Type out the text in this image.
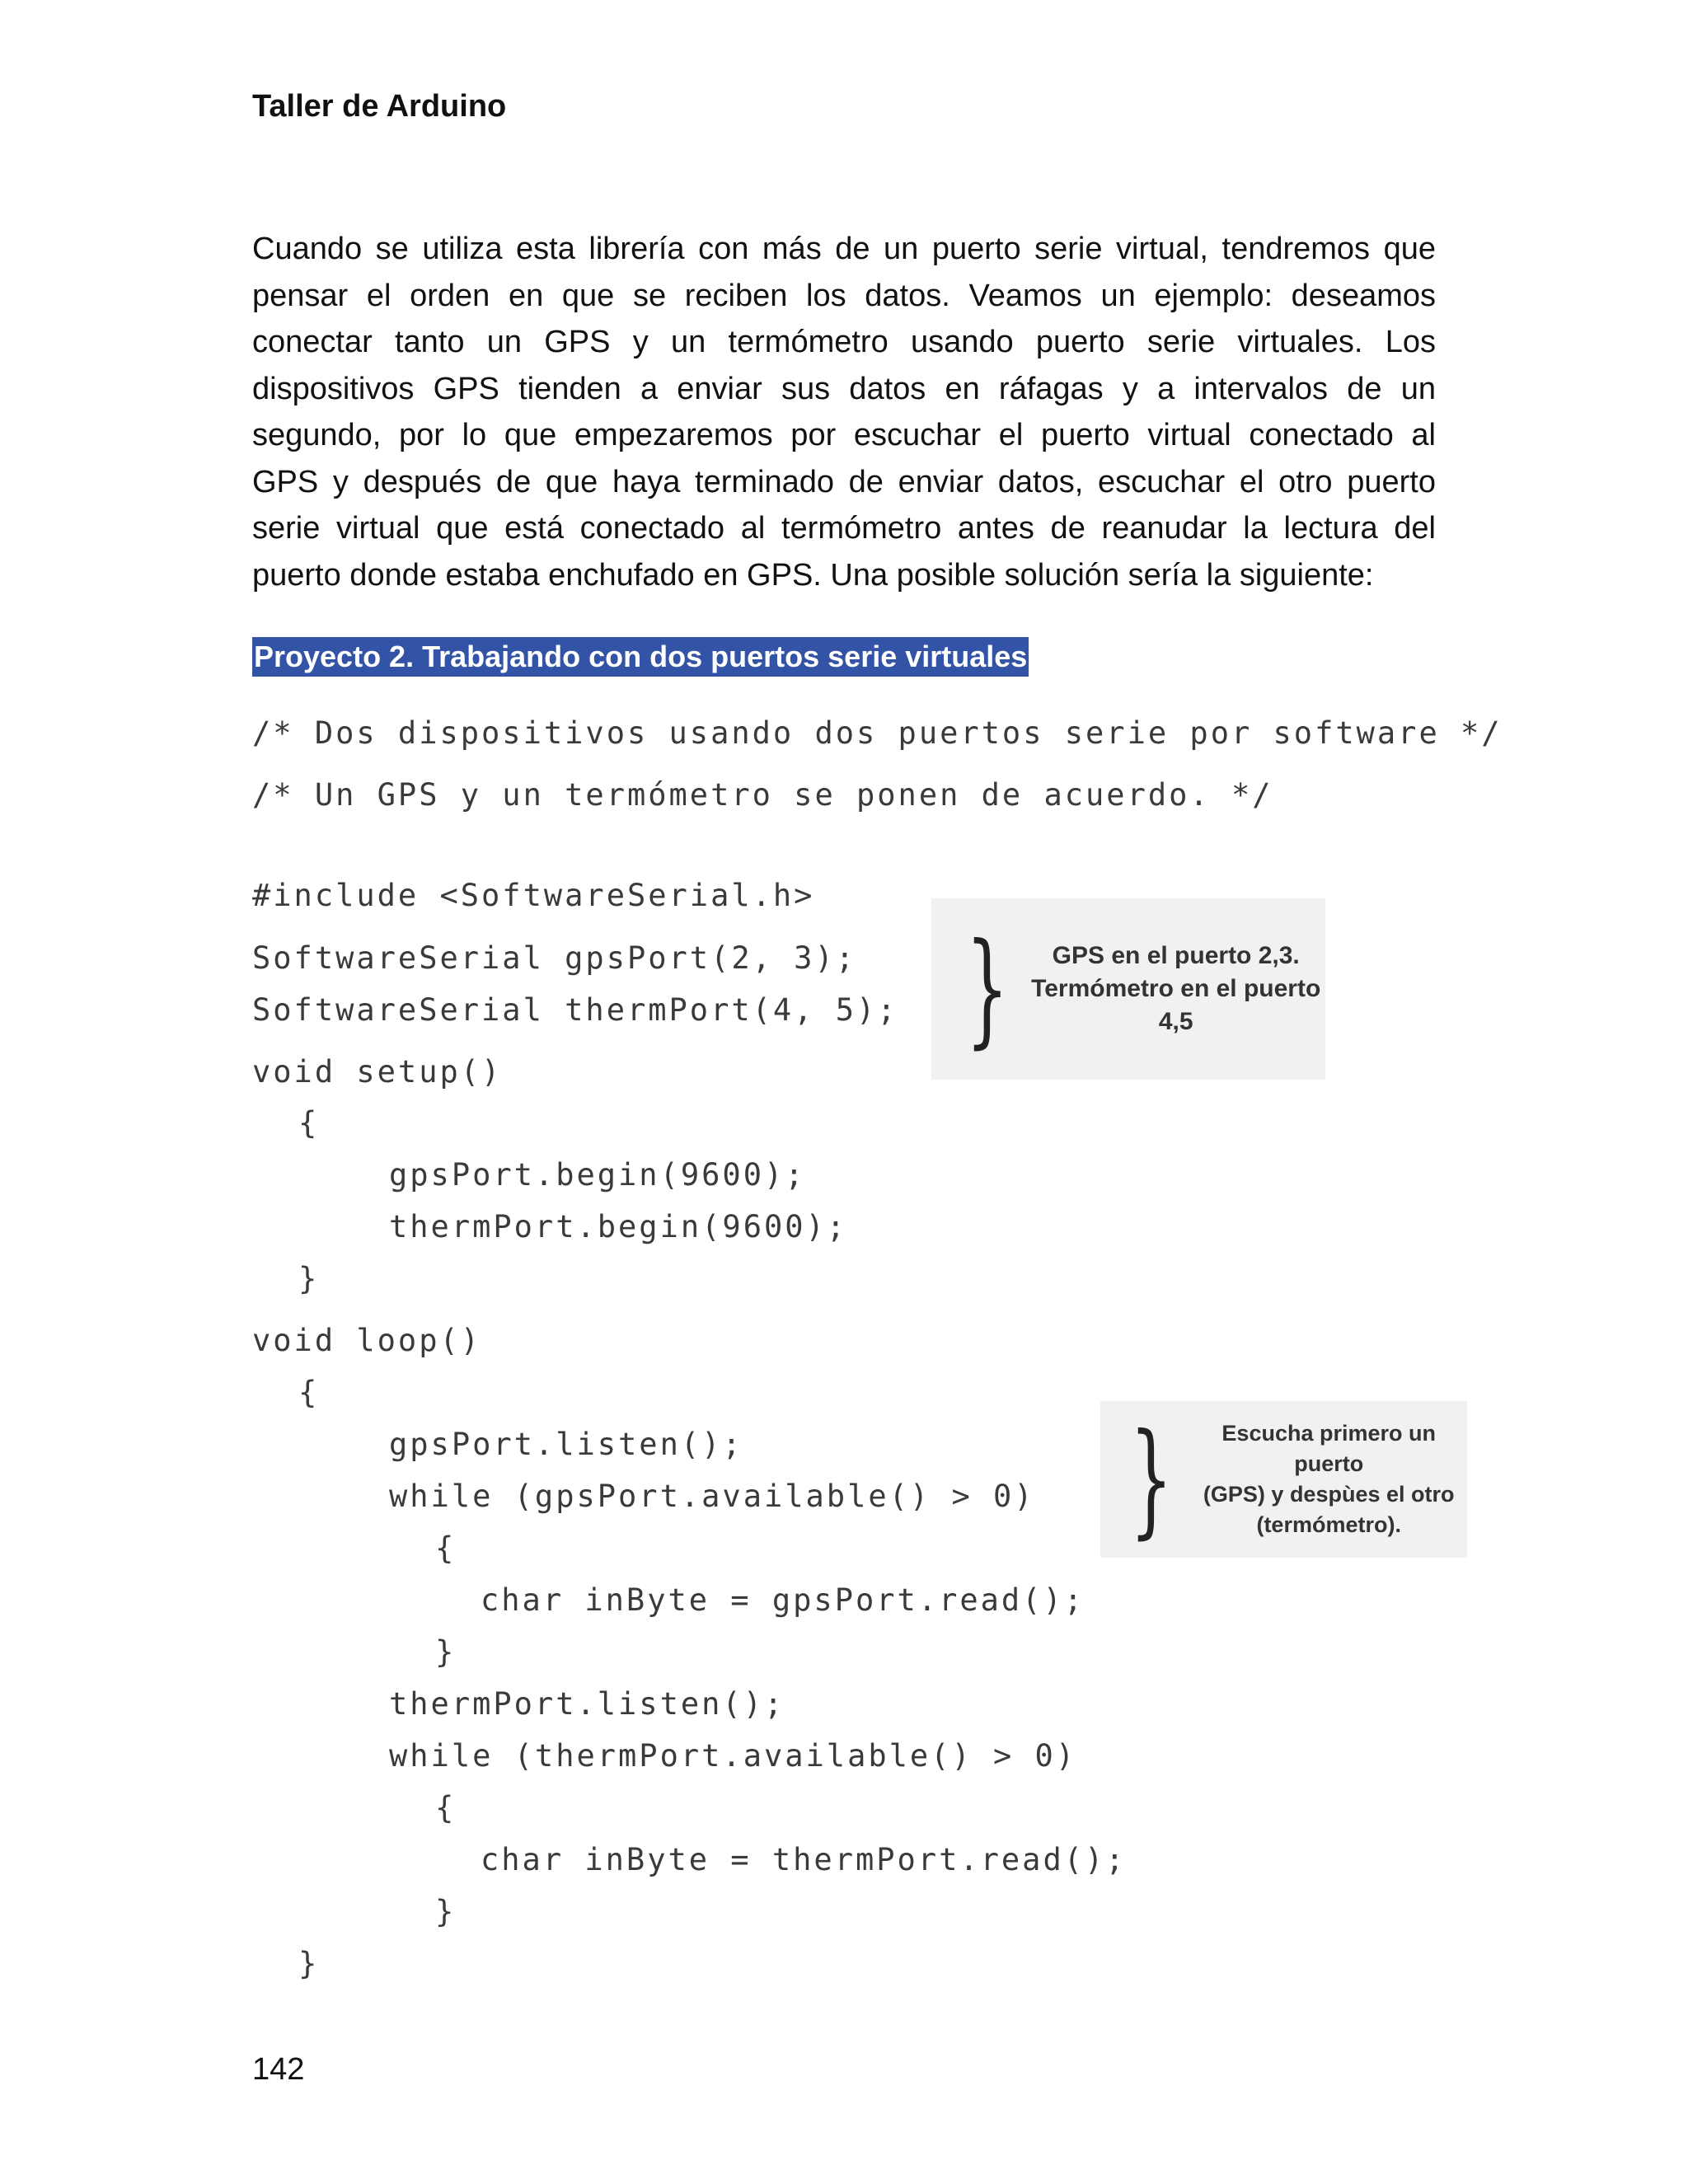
Taller de Arduino
Cuando se utiliza esta librería con más de un puerto serie virtual, tendremos que
pensar el orden en que se reciben los datos. Veamos un ejemplo: deseamos
conectar tanto un GPS y un termómetro usando puerto serie virtuales. Los
dispositivos GPS tienden a enviar sus datos en ráfagas y a intervalos de un
segundo, por lo que empezaremos por escuchar el puerto virtual conectado al
GPS y después de que haya terminado de enviar datos, escuchar el otro puerto
serie virtual que está conectado al termómetro antes de reanudar la lectura del
puerto donde estaba enchufado en GPS. Una posible solución sería la siguiente:
Proyecto 2. Trabajando con dos puertos serie virtuales
/* Dos dispositivos usando dos puertos serie por software */
/* Un GPS y un termómetro se ponen de acuerdo. */
#include <SoftwareSerial.h>
SoftwareSerial gpsPort(2, 3);
SoftwareSerial thermPort(4, 5);
void setup()
{
gpsPort.begin(9600);
thermPort.begin(9600);
}
void loop()
{
gpsPort.listen();
while (gpsPort.available() > 0)
{
char inByte = gpsPort.read();
}
thermPort.listen();
while (thermPort.available() > 0)
{
char inByte = thermPort.read();
}
}
}	GPS en el puerto 2,3.
Termómetro en el puerto 4,5
}	Escucha primero un puerto
(GPS) y despùes el otro
(termómetro).
142
